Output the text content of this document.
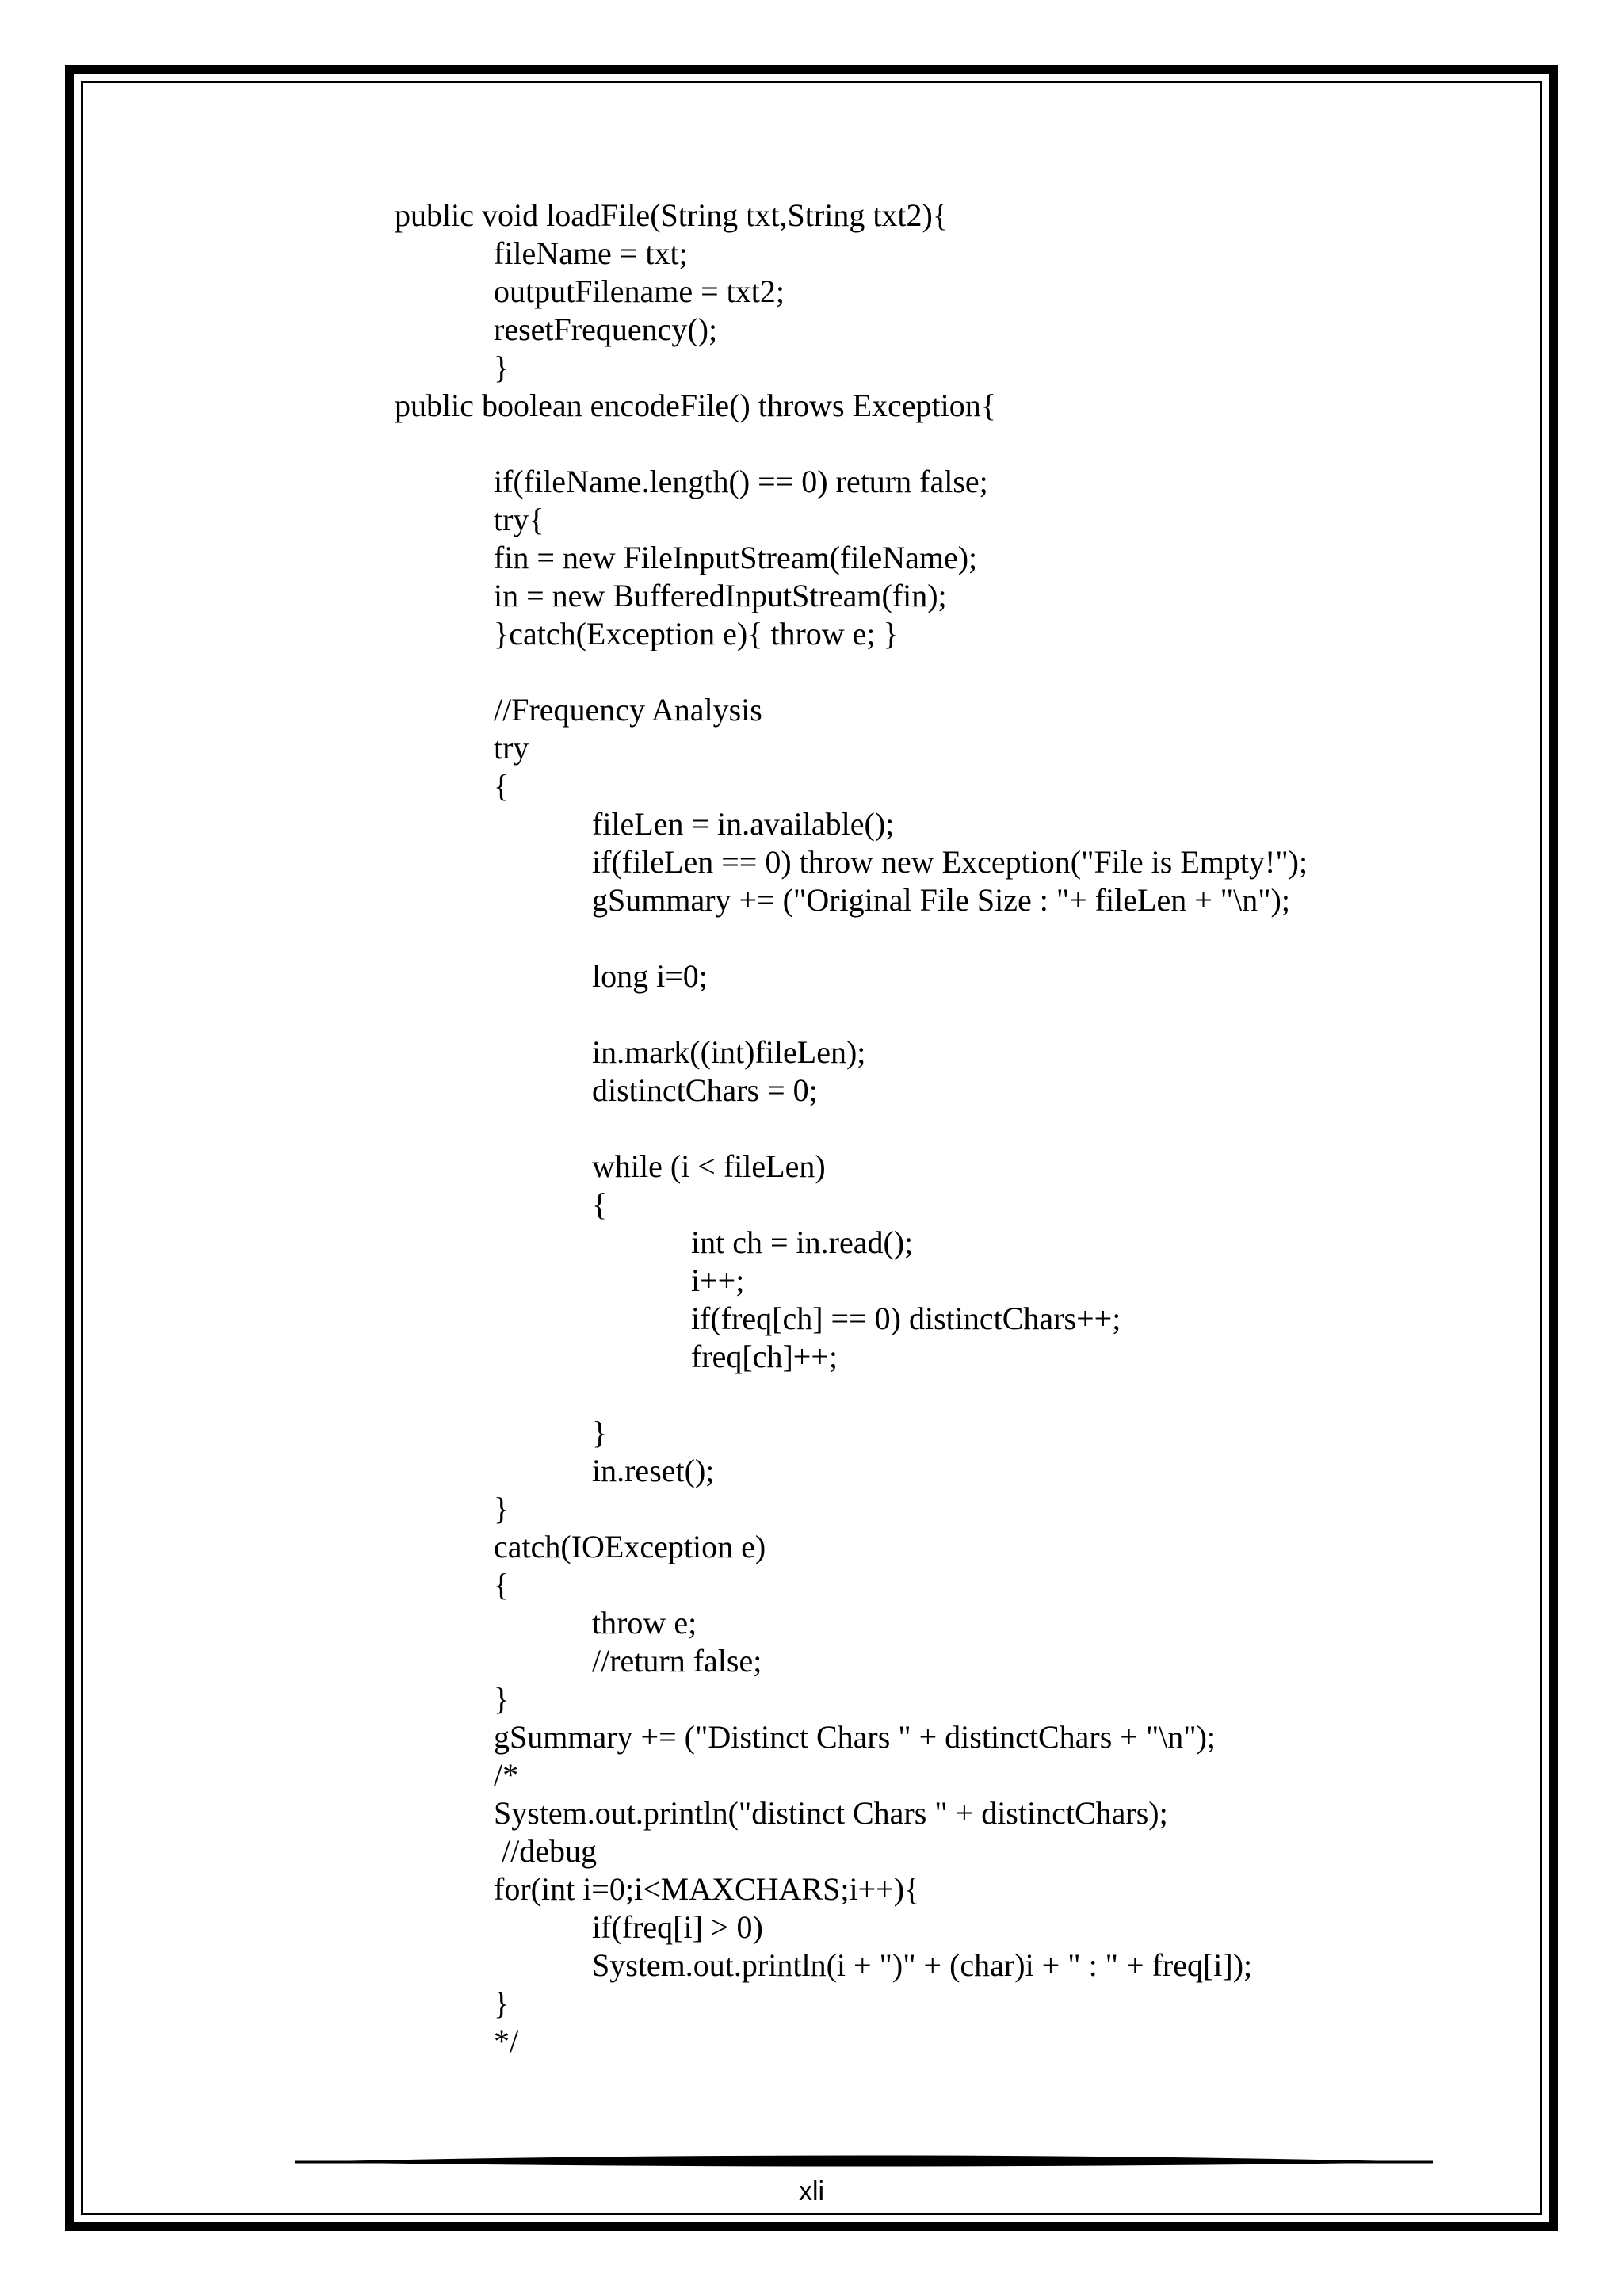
public void loadFile(String txt,String txt2){
fileName = txt;
outputFilename = txt2;
resetFrequency();
}
public boolean encodeFile() throws Exception{
if(fileName.length() == 0) return false;
try{
fin = new FileInputStream(fileName);
in = new BufferedInputStream(fin);
}catch(Exception e){ throw e; }
//Frequency Analysis
try
{
fileLen = in.available();
if(fileLen == 0) throw new Exception("File is Empty!");
gSummary += ("Original File Size : "+ fileLen + "\n");
long i=0;
in.mark((int)fileLen);
distinctChars = 0;
while (i < fileLen)
{
int ch = in.read();
i++;
if(freq[ch] == 0) distinctChars++;
freq[ch]++;
}
in.reset();
}
catch(IOException e)
{
throw e;
//return false;
}
gSummary += ("Distinct Chars " + distinctChars + "\n");
/*
System.out.println("distinct Chars " + distinctChars);
//debug
for(int i=0;i<MAXCHARS;i++){
if(freq[i] > 0)
System.out.println(i + ")" + (char)i + " : " + freq[i]);
}
*/
xli
